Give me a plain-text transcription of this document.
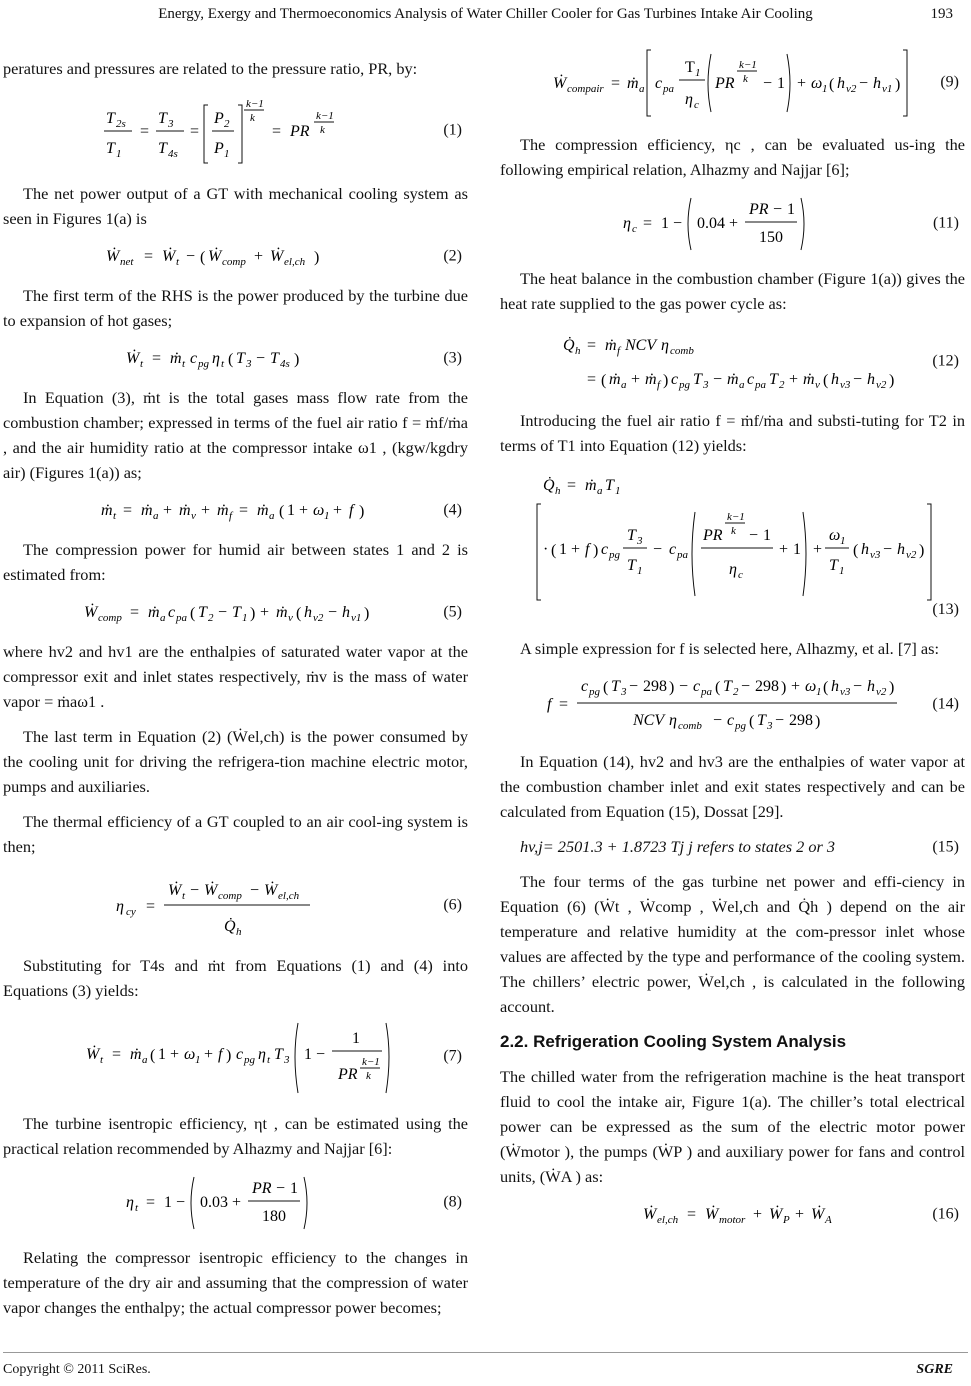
Energy, Exergy and Thermoeconomics Analysis of Water Chiller Cooler for Gas Turbines Intake Air Cooling	193

peratures and pressures are related to the pressure ratio, PR, by:

T 2s
T 1
=
T 3
T 4s
=
P 2
P 1
k−1
k
= PR
k−1
k	(1)

The net power output of a GT with mechanical cooling system as seen in Figures 1(a) is

Ẇ net = Ẇ t − ( Ẇ comp + Ẇ el,ch )	(2)

The first term of the RHS is the power produced by the turbine due to expansion of hot gases;

Ẇ t = ṁ t c pg η t ( T 3 − T 4s )	(3)

In Equation (3), ṁt is the total gases mass flow rate from the combustion chamber; expressed in terms of the fuel air ratio f = ṁf/ṁa , and the air humidity ratio at the compressor intake ω1 , (kgw/kgdry air) (Figures 1(a)) as;

ṁ t = ṁ a + ṁ v + ṁ f = ṁ a ( 1 + ω 1 + f )	(4)

The compression power for humid air between states 1 and 2 is estimated from:

Ẇ comp = ṁ a c pa ( T 2 − T 1 ) + ṁ v ( h v2 − h v1 )	(5)

where hv2 and hv1 are the enthalpies of saturated water vapor at the compressor exit and inlet states respectively, ṁv is the mass of water vapor = ṁaω1 .

The last term in Equation (2) (Ẇel,ch) is the power consumed by the cooling unit for driving the refrigera-tion machine electric motor, pumps and auxiliaries.

The thermal efficiency of a GT coupled to an air cool-ing system is then;

η cy =
Ẇ t − Ẇ comp − Ẇ el,ch
Q̇ h
(6)

Substituting for T4s and ṁt from Equations (1) and (4) into Equations (3) yields:

Ẇ t = ṁ a ( 1 + ω 1 + f ) c pg η t T 3 1 −
1
PR
k−1
k
(7)

The turbine isentropic efficiency, ηt , can be estimated using the practical relation recommended by Alhazmy and Najjar [6]:

η t = 1 − 0.03 +
PR − 1
180
(8)

Relating the compressor isentropic efficiency to the changes in temperature of the dry air and assuming that the compression of water vapor changes the enthalpy; the actual compressor power becomes;

Ẇ compair = ṁ a c pa
T 1
η c
PR
k−1
k − 1 + ω 1 ( h v2 − h v1 )	(9)

The compression efficiency, ηc , can be evaluated us-ing the following empirical relation, Alhazmy and Najjar [6];

η c = 1 − 0.04 +
PR − 1
150
(11)

The heat balance in the combustion chamber (Figure 1(a)) gives the heat rate supplied to the gas power cycle as:

Q̇ h = ṁ f NCV η comb
= ( ṁ a + ṁ f ) c pg T 3 − ṁ a c pa T 2 + ṁ v ( h v3 − h v2 )
(12)

Introducing the fuel air ratio f = ṁf/ṁa and substi-tuting for T2 in terms of T1 into Equation (12) yields:

Q̇ h = ṁ a T 1
· ( 1 + f ) c pg
T 3
T 1
− c pa
PR
k−1
k − 1
η c
+ 1 +
ω 1
T 1
( h v3 − h v2 )
(13)

A simple expression for f is selected here, Alhazmy, et al. [7] as:

f =
c pg ( T 3 − 298 ) − c pa ( T 2 − 298 ) + ω 1 ( h v3 − h v2 )
NCV η comb − c pg ( T 3 − 298 )
(14)

In Equation (14), hv2 and hv3 are the enthalpies of water vapor at the combustion chamber inlet and exit states respectively and can be calculated from Equation (15), Dossat [29].

hv,j= 2501.3 + 1.8723 Tj j refers to states 2 or 3	(15)

The four terms of the gas turbine net power and effi-ciency in Equation (6) (Ẇt , Ẇcomp , Ẇel,ch and Q̇h ) depend on the air temperature and relative humidity at the com-pressor inlet whose values are affected by the type and performance of the cooling system. The chillers’ electric power, Ẇel,ch , is calculated in the following account.

2.2. Refrigeration Cooling System Analysis

The chilled water from the refrigeration machine is the heat transport fluid to cool the intake air, Figure 1(a). The chiller’s total electrical power can be expressed as the sum of the electric motor power (Ẇmotor ), the pumps (ẆP ) and auxiliary power for fans and control units, (ẆA ) as:

Ẇ el,ch = Ẇ motor + Ẇ P + Ẇ A	(16)
Copyright © 2011 SciRes.	SGRE
